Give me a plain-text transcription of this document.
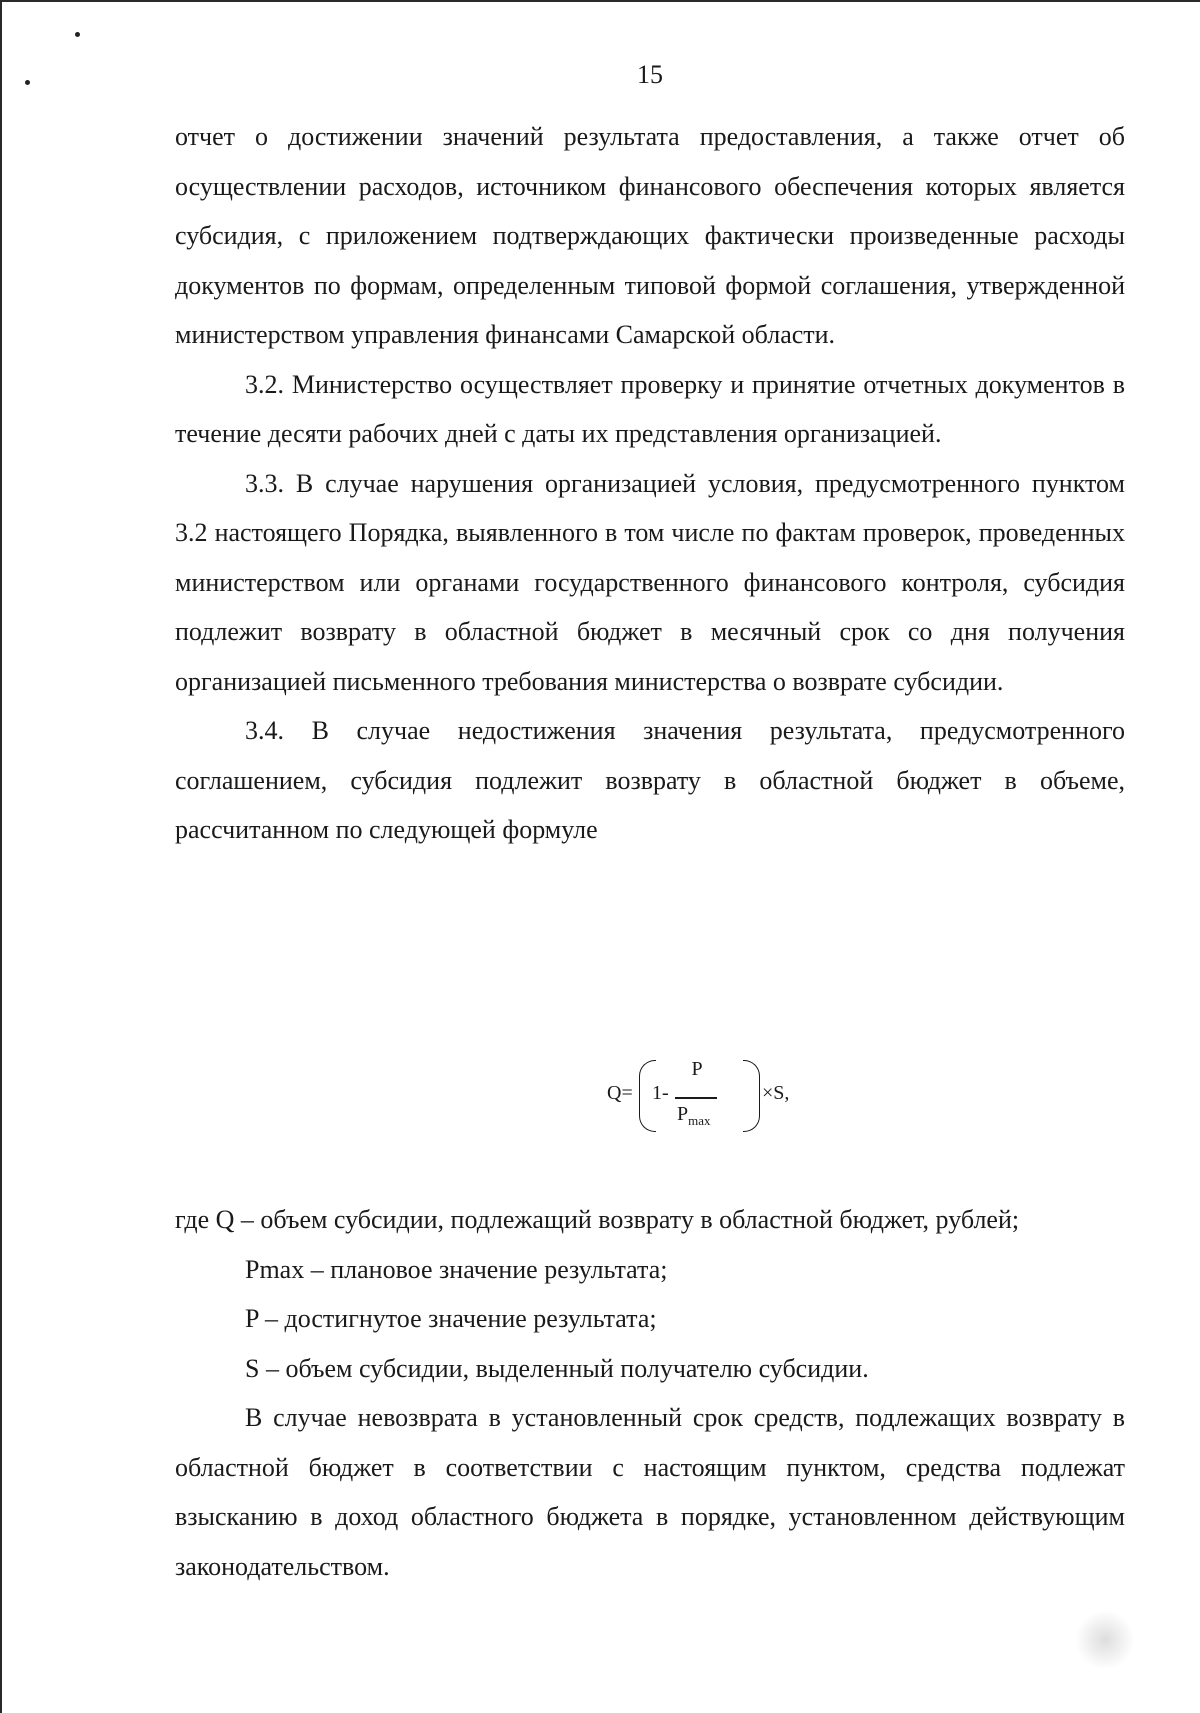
15

отчет о достижении значений результата предоставления, а также отчет об осуществлении расходов, источником финансового обеспечения которых является субсидия, с приложением подтверждающих фактически произведенные расходы документов по формам, определенным типовой формой соглашения, утвержденной министерством управления финансами Самарской области.

3.2. Министерство осуществляет проверку и принятие отчетных документов в течение десяти рабочих дней с даты их представления организацией.

3.3. В случае нарушения организацией условия, предусмотренного пунктом 3.2 настоящего Порядка, выявленного в том числе по фактам проверок, проведенных министерством или органами государственного финансового контроля, субсидия подлежит возврату в областной бюджет в месячный срок со дня получения организацией письменного требования министерства о возврате субсидии.

3.4. В случае недостижения значения результата, предусмотренного соглашением, субсидия подлежит возврату в областной бюджет в объеме, рассчитанном по следующей формуле

Q= 1-
P
$P_{max}$
×S,

где Q – объем субсидии, подлежащий возврату в областной бюджет, рублей;

Pmax – плановое значение результата;

P – достигнутое значение результата;

S – объем субсидии, выделенный получателю субсидии.

В случае невозврата в установленный срок средств, подлежащих возврату в областной бюджет в соответствии с настоящим пунктом, средства подлежат взысканию в доход областного бюджета в порядке, установленном действующим законодательством.
